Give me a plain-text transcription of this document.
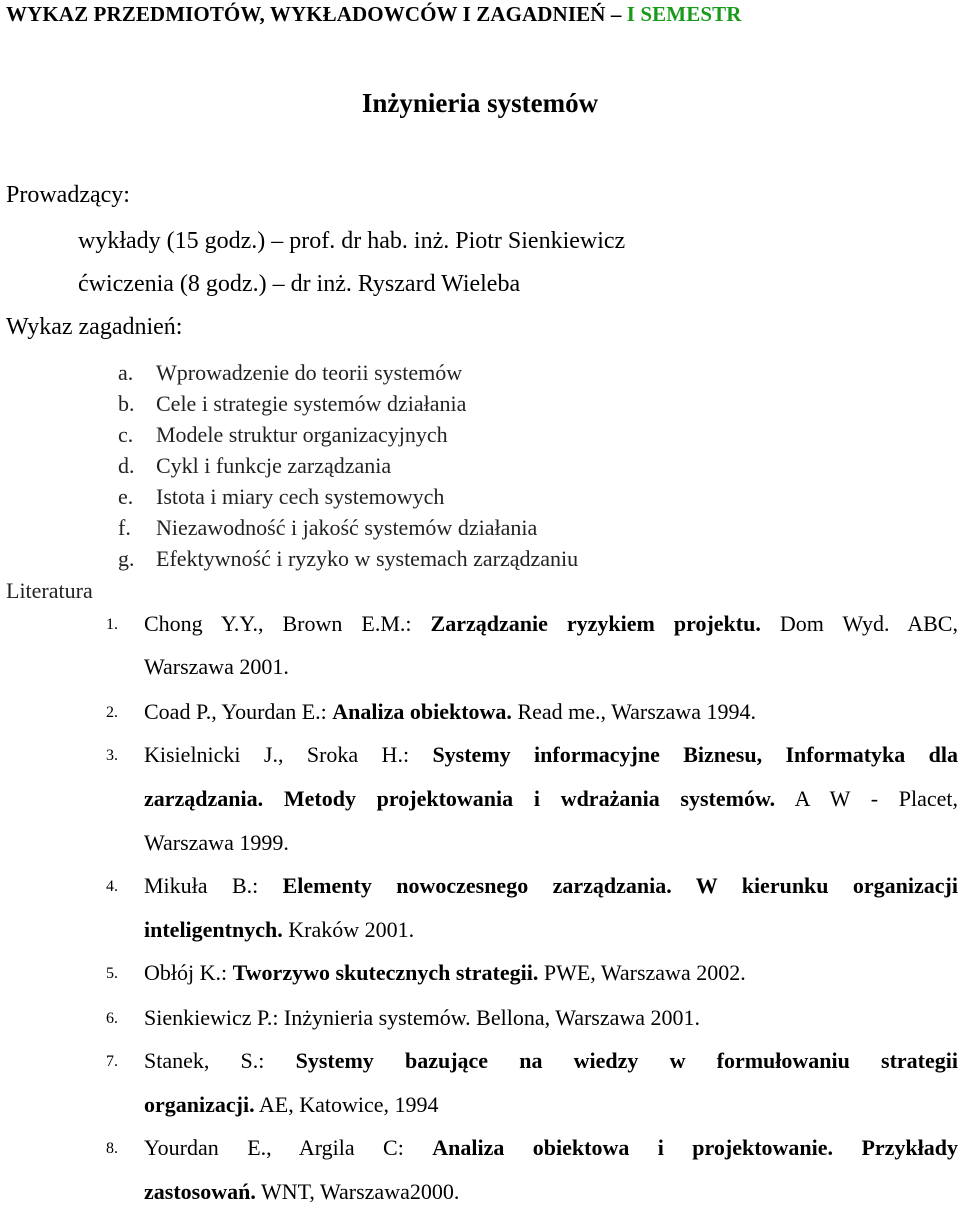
WYKAZ PRZEDMIOTÓW, WYKŁADOWCÓW I ZAGADNIEŃ – I SEMESTR
Inżynieria systemów
Prowadzący:
wykłady (15 godz.) – prof. dr hab. inż. Piotr Sienkiewicz
ćwiczenia (8 godz.) – dr inż. Ryszard Wieleba
Wykaz zagadnień:
a. Wprowadzenie do teorii systemów
b. Cele i strategie systemów działania
c. Modele struktur organizacyjnych
d. Cykl i funkcje zarządzania
e. Istota i miary cech systemowych
f. Niezawodność i jakość systemów działania
g. Efektywność i ryzyko w systemach zarządzaniu
Literatura
1. Chong Y.Y., Brown E.M.: Zarządzanie ryzykiem projektu. Dom Wyd. ABC,
Warszawa 2001.
2. Coad P., Yourdan E.: Analiza obiektowa. Read me., Warszawa 1994.
3. Kisielnicki J., Sroka H.: Systemy informacyjne Biznesu, Informatyka dla
zarządzania. Metody projektowania i wdrażania systemów. A W - Placet,
Warszawa 1999.
4. Mikuła B.: Elementy nowoczesnego zarządzania. W kierunku organizacji
inteligentnych. Kraków 2001.
5. Obłój K.: Tworzywo skutecznych strategii. PWE, Warszawa 2002.
6. Sienkiewicz P.: Inżynieria systemów. Bellona, Warszawa 2001.
7. Stanek, S.: Systemy bazujące na wiedzy w formułowaniu strategii
organizacji. AE, Katowice, 1994
8. Yourdan E., Argila C: Analiza obiektowa i projektowanie. Przykłady
zastosowań. WNT, Warszawa2000.
